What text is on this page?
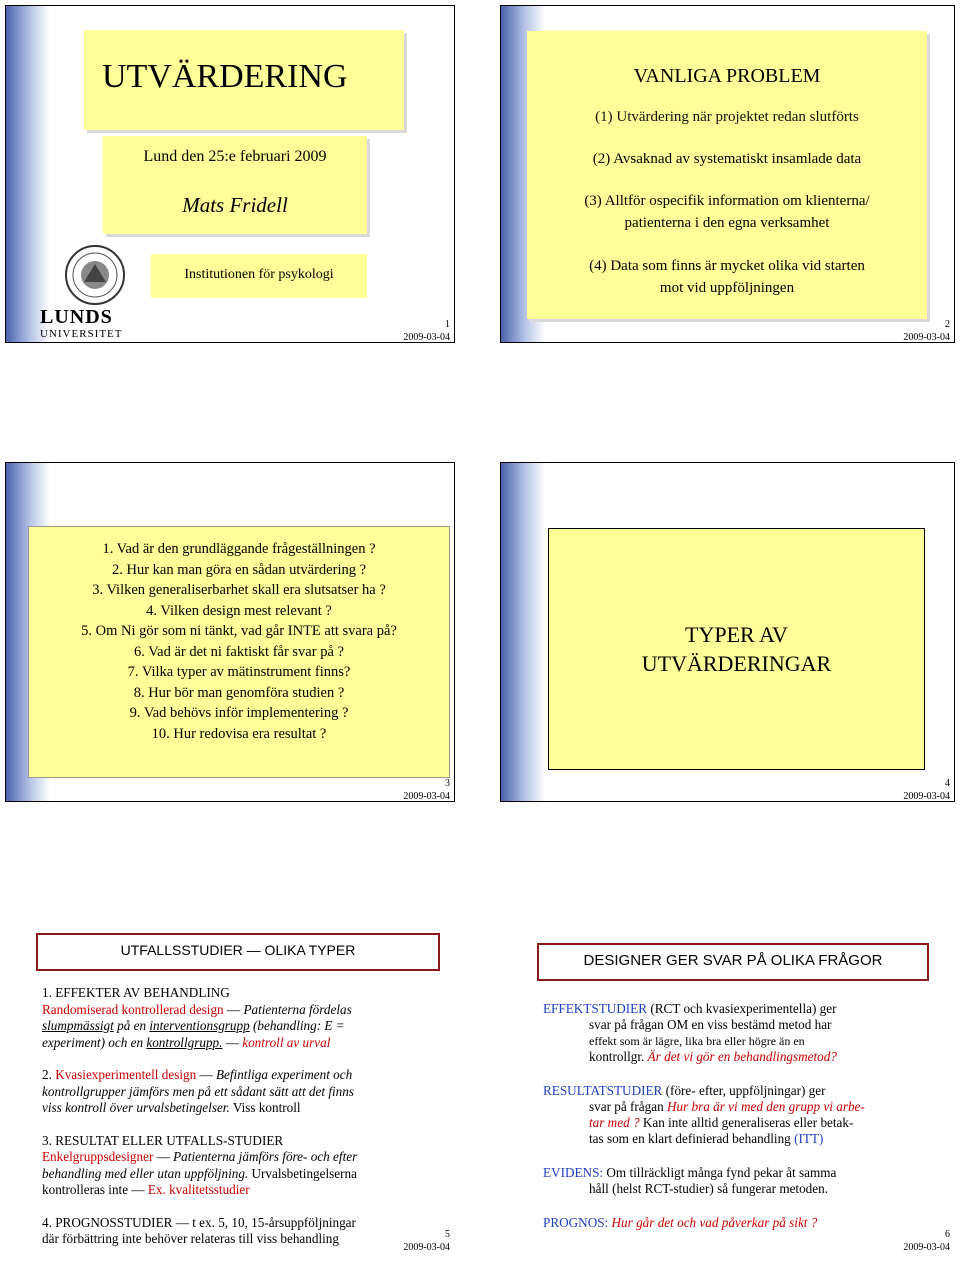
UTVÄRDERING
Lund den 25:e februari 2009
Mats Fridell
Institutionen för psykologi
LUNDS
UNIVERSITET
1
2009-03-04
VANLIGA PROBLEM
(1) Utvärdering när projektet redan slutförts
(2) Avsaknad av systematiskt insamlade data
(3) Alltför ospecifik information om klienterna/
patienterna i den egna verksamhet
(4) Data som finns är mycket olika vid starten
mot vid uppföljningen
2
2009-03-04
1. Vad är den grundläggande frågeställningen ?
2. Hur kan man göra en sådan utvärdering ?
3. Vilken generaliserbarhet skall era slutsatser ha ?
4. Vilken design mest relevant ?
5. Om Ni gör som ni tänkt, vad går INTE att svara på?
6. Vad är det ni faktiskt får svar på ?
7. Vilka typer av mätinstrument finns?
8. Hur bör man genomföra studien ?
9. Vad behövs inför implementering ?
10. Hur redovisa era resultat ?
3
2009-03-04
TYPER AV
UTVÄRDERINGAR
4
2009-03-04
UTFALLSSTUDIER — OLIKA TYPER

1. EFFEKTER AV BEHANDLING
Randomiserad kontrollerad design — Patienterna fördelas
slumpmässigt på en interventionsgrupp (behandling: E =
experiment) och en kontrollgrupp. — kontroll av urval

2. Kvasiexperimentell design — Befintliga experiment och
kontrollgrupper jämförs men på ett sådant sätt att det finns
viss kontroll över urvalsbetingelser. Viss kontroll

3. RESULTAT ELLER UTFALLS-STUDIER
Enkelgruppsdesigner — Patienterna jämförs före- och efter
behandling med eller utan uppföljning. Urvalsbetingelserna
kontrolleras inte — Ex. kvalitetsstudier

4. PROGNOSSTUDIER — t ex. 5, 10, 15-årsuppföljningar
där förbättring inte behöver relateras till viss behandling	5
2009-03-04
DESIGNER GER SVAR PÅ OLIKA FRÅGOR

EFFEKTSTUDIER (RCT och kvasiexperimentella) ger
svar på frågan OM en viss bestämd metod har
effekt som är lägre, lika bra eller högre än en
kontrollgr. Är det vi gör en behandlingsmetod?

RESULTATSTUDIER (före- efter, uppföljningar) ger
svar på frågan Hur bra är vi med den grupp vi arbe-
tar med ? Kan inte alltid generaliseras eller betak-
tas som en klart definierad behandling (ITT)

EVIDENS: Om tillräckligt många fynd pekar åt samma
håll (helst RCT-studier) så fungerar metoden.

PROGNOS: Hur går det och vad påverkar på sikt ?

6
2009-03-04
